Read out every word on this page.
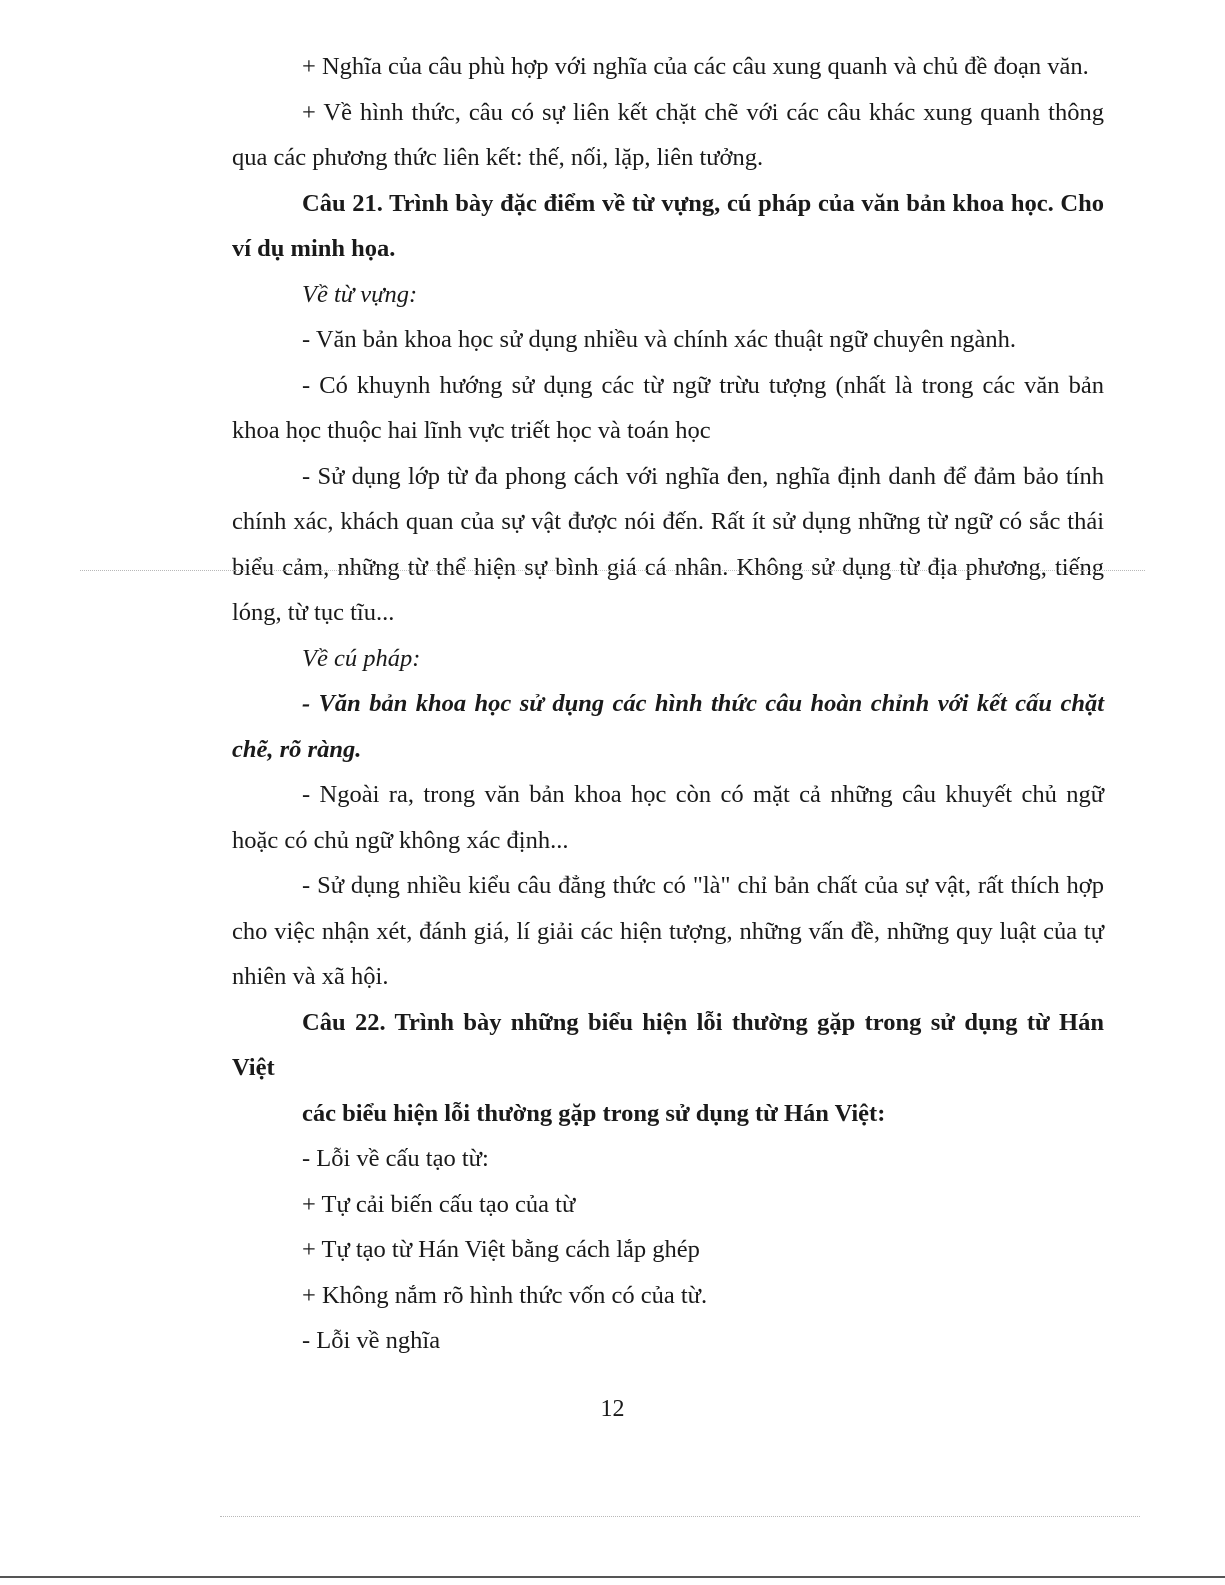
+ Nghĩa của câu phù hợp với nghĩa của các câu xung quanh và chủ đề đoạn văn.

+ Về hình thức, câu có sự liên kết chặt chẽ với các câu khác xung quanh thông qua các phương thức liên kết: thế, nối, lặp, liên tưởng.

Câu 21. Trình bày đặc điểm về từ vựng, cú pháp của văn bản khoa học. Cho ví dụ minh họa.

Về từ vựng:

- Văn bản khoa học sử dụng nhiều và chính xác thuật ngữ chuyên ngành.

- Có khuynh hướng sử dụng các từ ngữ trừu tượng (nhất là trong các văn bản khoa học thuộc hai lĩnh vực triết học và toán học

- Sử dụng lớp từ đa phong cách với nghĩa đen, nghĩa định danh để đảm bảo tính chính xác, khách quan của sự vật được nói đến. Rất ít sử dụng những từ ngữ có sắc thái biểu cảm, những từ thể hiện sự bình giá cá nhân. Không sử dụng từ địa phương, tiếng lóng, từ tục tĩu...

Về cú pháp:

- Văn bản khoa học sử dụng các hình thức câu hoàn chỉnh với kết cấu chặt chẽ, rõ ràng.

- Ngoài ra, trong văn bản khoa học còn có mặt cả những câu khuyết chủ ngữ hoặc có chủ ngữ không xác định...

- Sử dụng nhiều kiểu câu đẳng thức có "là" chỉ bản chất của sự vật, rất thích hợp cho việc nhận xét, đánh giá, lí giải các hiện tượng, những vấn đề, những quy luật của tự nhiên và xã hội.

Câu 22. Trình bày những biểu hiện lỗi thường gặp trong sử dụng từ Hán Việt

các biểu hiện lỗi thường gặp trong sử dụng từ Hán Việt:

- Lỗi về cấu tạo từ:

+ Tự cải biến cấu tạo của từ

+ Tự tạo từ Hán Việt bằng cách lắp ghép

+ Không nắm rõ hình thức vốn có của từ.

- Lỗi về nghĩa

12
